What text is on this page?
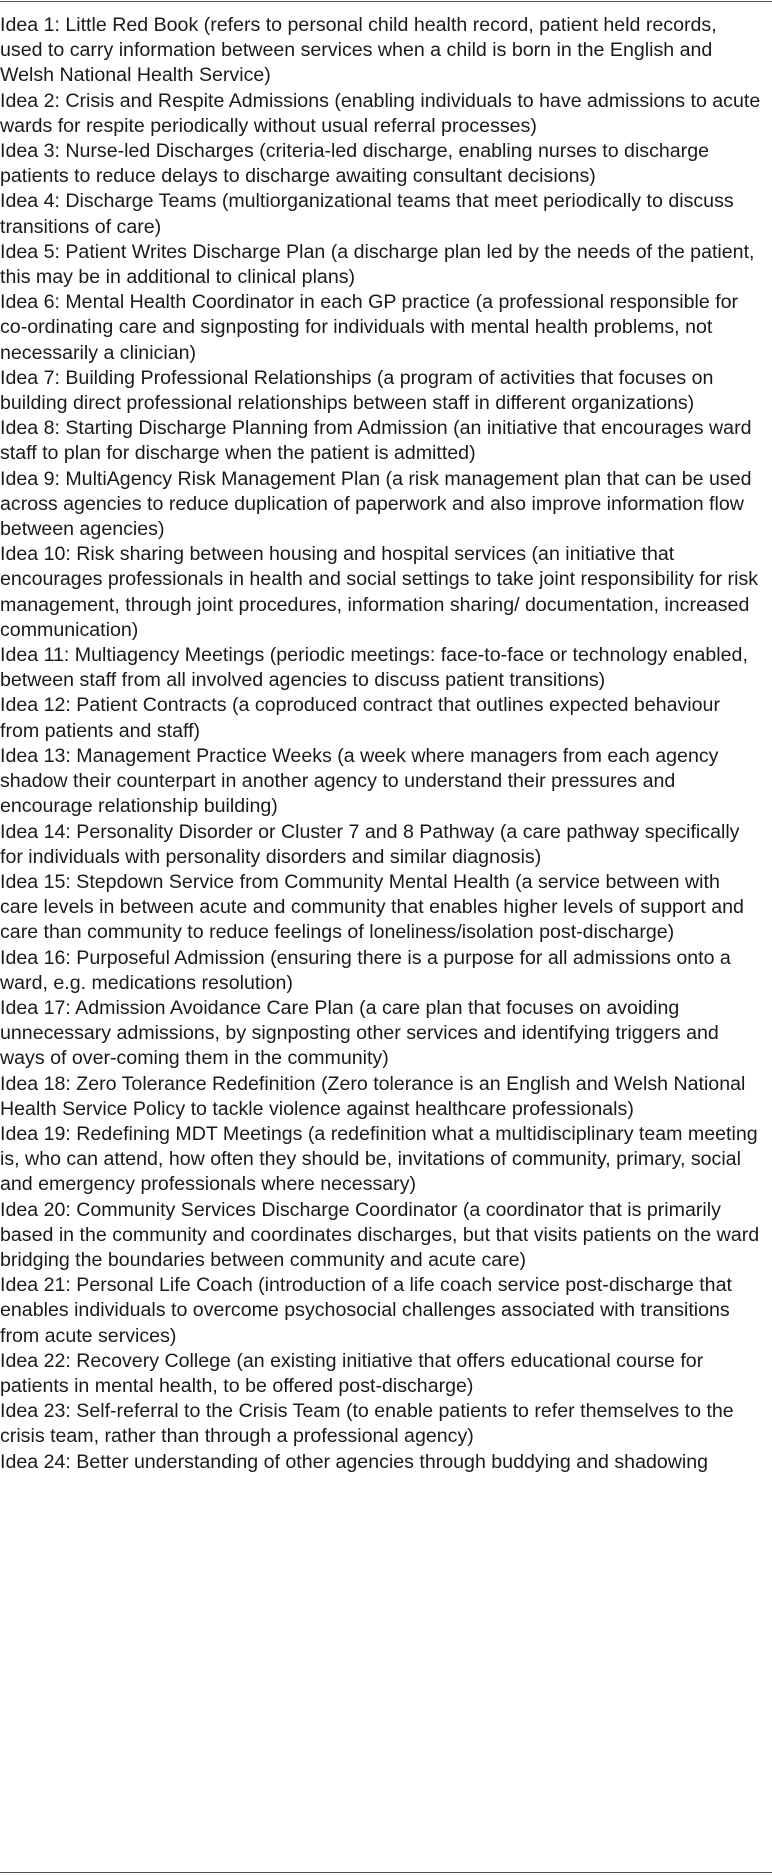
Idea 1: Little Red Book (refers to personal child health record, patient held records, used to carry information between services when a child is born in the English and Welsh National Health Service)
Idea 2: Crisis and Respite Admissions (enabling individuals to have admissions to acute wards for respite periodically without usual referral processes)
Idea 3: Nurse-led Discharges (criteria-led discharge, enabling nurses to discharge patients to reduce delays to discharge awaiting consultant decisions)
Idea 4: Discharge Teams (multiorganizational teams that meet periodically to discuss transitions of care)
Idea 5: Patient Writes Discharge Plan (a discharge plan led by the needs of the patient, this may be in additional to clinical plans)
Idea 6: Mental Health Coordinator in each GP practice (a professional responsible for co-ordinating care and signposting for individuals with mental health problems, not necessarily a clinician)
Idea 7: Building Professional Relationships (a program of activities that focuses on building direct professional relationships between staff in different organizations)
Idea 8: Starting Discharge Planning from Admission (an initiative that encourages ward staff to plan for discharge when the patient is admitted)
Idea 9: MultiAgency Risk Management Plan (a risk management plan that can be used across agencies to reduce duplication of paperwork and also improve information flow between agencies)
Idea 10: Risk sharing between housing and hospital services (an initiative that encourages professionals in health and social settings to take joint responsibility for risk management, through joint procedures, information sharing/ documentation, increased communication)
Idea 11: Multiagency Meetings (periodic meetings: face-to-face or technology enabled, between staff from all involved agencies to discuss patient transitions)
Idea 12: Patient Contracts (a coproduced contract that outlines expected behaviour from patients and staff)
Idea 13: Management Practice Weeks (a week where managers from each agency shadow their counterpart in another agency to understand their pressures and encourage relationship building)
Idea 14: Personality Disorder or Cluster 7 and 8 Pathway (a care pathway specifically for individuals with personality disorders and similar diagnosis)
Idea 15: Stepdown Service from Community Mental Health (a service between with care levels in between acute and community that enables higher levels of support and care than community to reduce feelings of loneliness/isolation post-discharge)
Idea 16: Purposeful Admission (ensuring there is a purpose for all admissions onto a ward, e.g. medications resolution)
Idea 17: Admission Avoidance Care Plan (a care plan that focuses on avoiding unnecessary admissions, by signposting other services and identifying triggers and ways of over-coming them in the community)
Idea 18: Zero Tolerance Redefinition (Zero tolerance is an English and Welsh National Health Service Policy to tackle violence against healthcare professionals)
Idea 19: Redefining MDT Meetings (a redefinition what a multidisciplinary team meeting is, who can attend, how often they should be, invitations of community, primary, social and emergency professionals where necessary)
Idea 20: Community Services Discharge Coordinator (a coordinator that is primarily based in the community and coordinates discharges, but that visits patients on the ward bridging the boundaries between community and acute care)
Idea 21: Personal Life Coach (introduction of a life coach service post-discharge that enables individuals to overcome psychosocial challenges associated with transitions from acute services)
Idea 22: Recovery College (an existing initiative that offers educational course for patients in mental health, to be offered post-discharge)
Idea 23: Self-referral to the Crisis Team (to enable patients to refer themselves to the crisis team, rather than through a professional agency)
Idea 24: Better understanding of other agencies through buddying and shadowing
